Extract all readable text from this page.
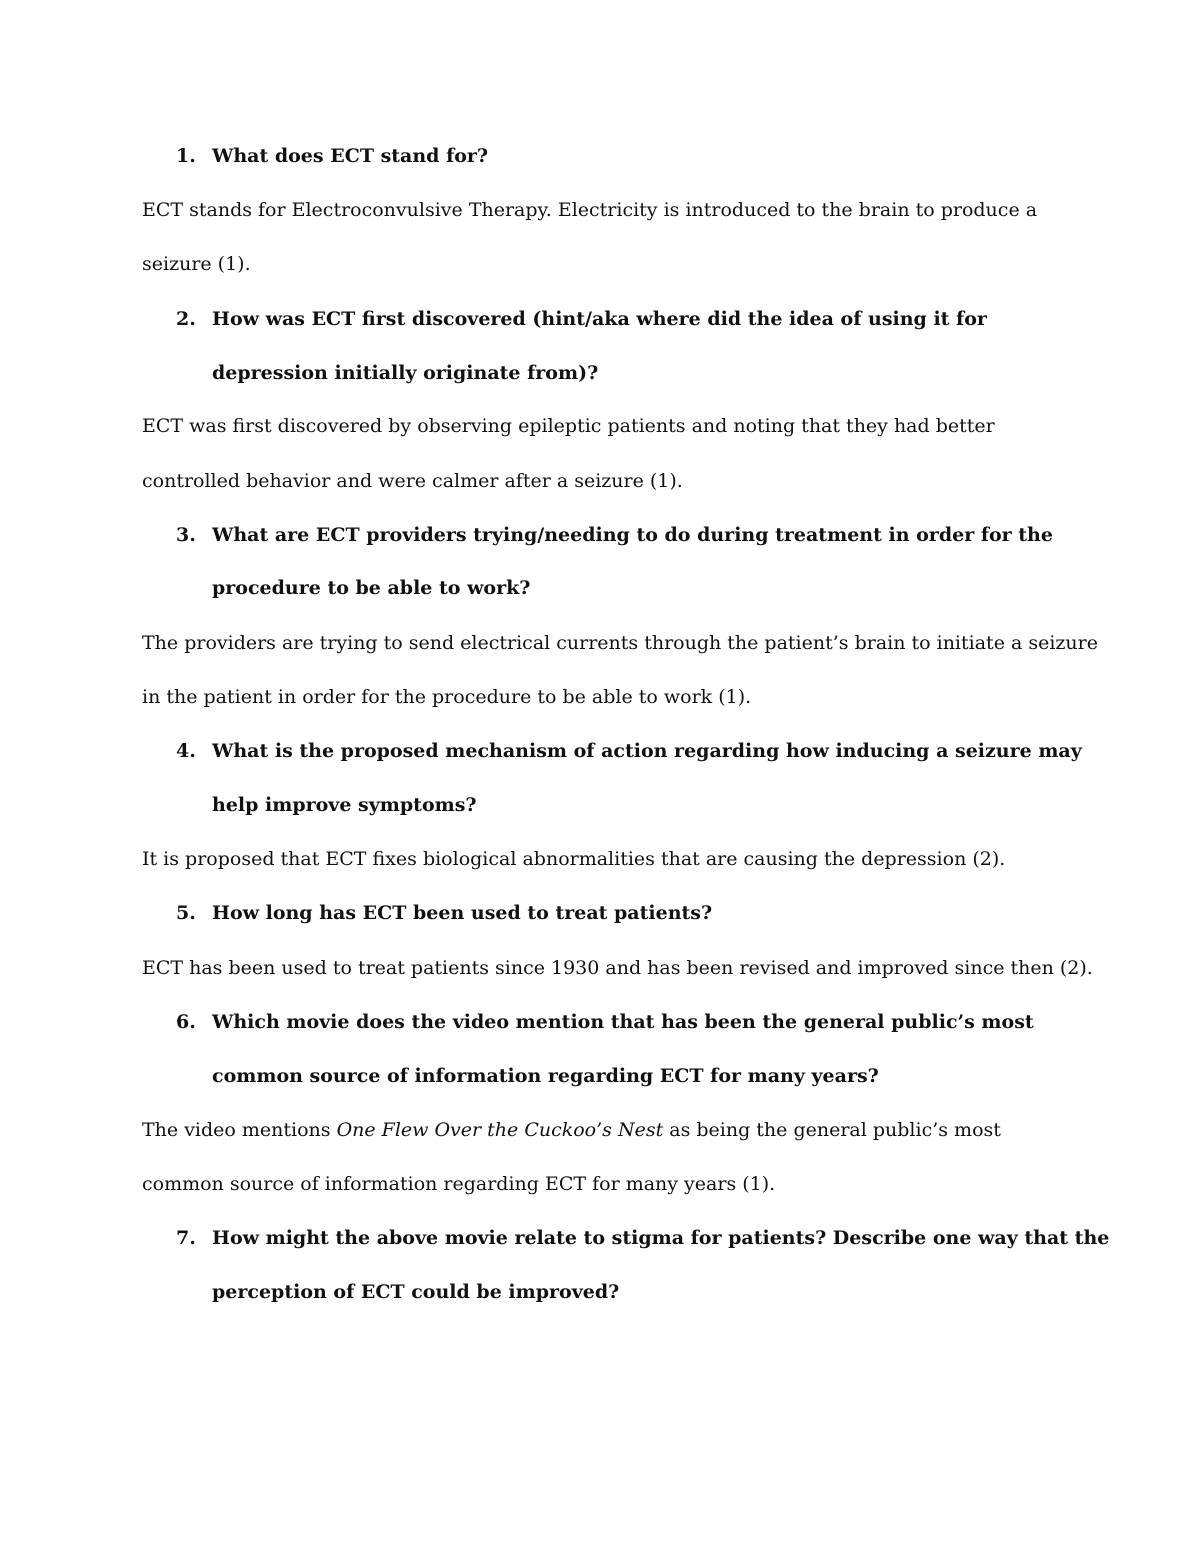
1. What does ECT stand for?
ECT stands for Electroconvulsive Therapy. Electricity is introduced to the brain to produce a
seizure (1).
2. How was ECT first discovered (hint/aka where did the idea of using it for
depression initially originate from)?
ECT was first discovered by observing epileptic patients and noting that they had better
controlled behavior and were calmer after a seizure (1).
3. What are ECT providers trying/needing to do during treatment in order for the
procedure to be able to work?
The providers are trying to send electrical currents through the patient’s brain to initiate a seizure
in the patient in order for the procedure to be able to work (1).
4. What is the proposed mechanism of action regarding how inducing a seizure may
help improve symptoms?
It is proposed that ECT fixes biological abnormalities that are causing the depression (2).
5. How long has ECT been used to treat patients?
ECT has been used to treat patients since 1930 and has been revised and improved since then (2).
6. Which movie does the video mention that has been the general public’s most
common source of information regarding ECT for many years?
The video mentions One Flew Over the Cuckoo’s Nest as being the general public’s most
common source of information regarding ECT for many years (1).
7. How might the above movie relate to stigma for patients? Describe one way that the
perception of ECT could be improved?
